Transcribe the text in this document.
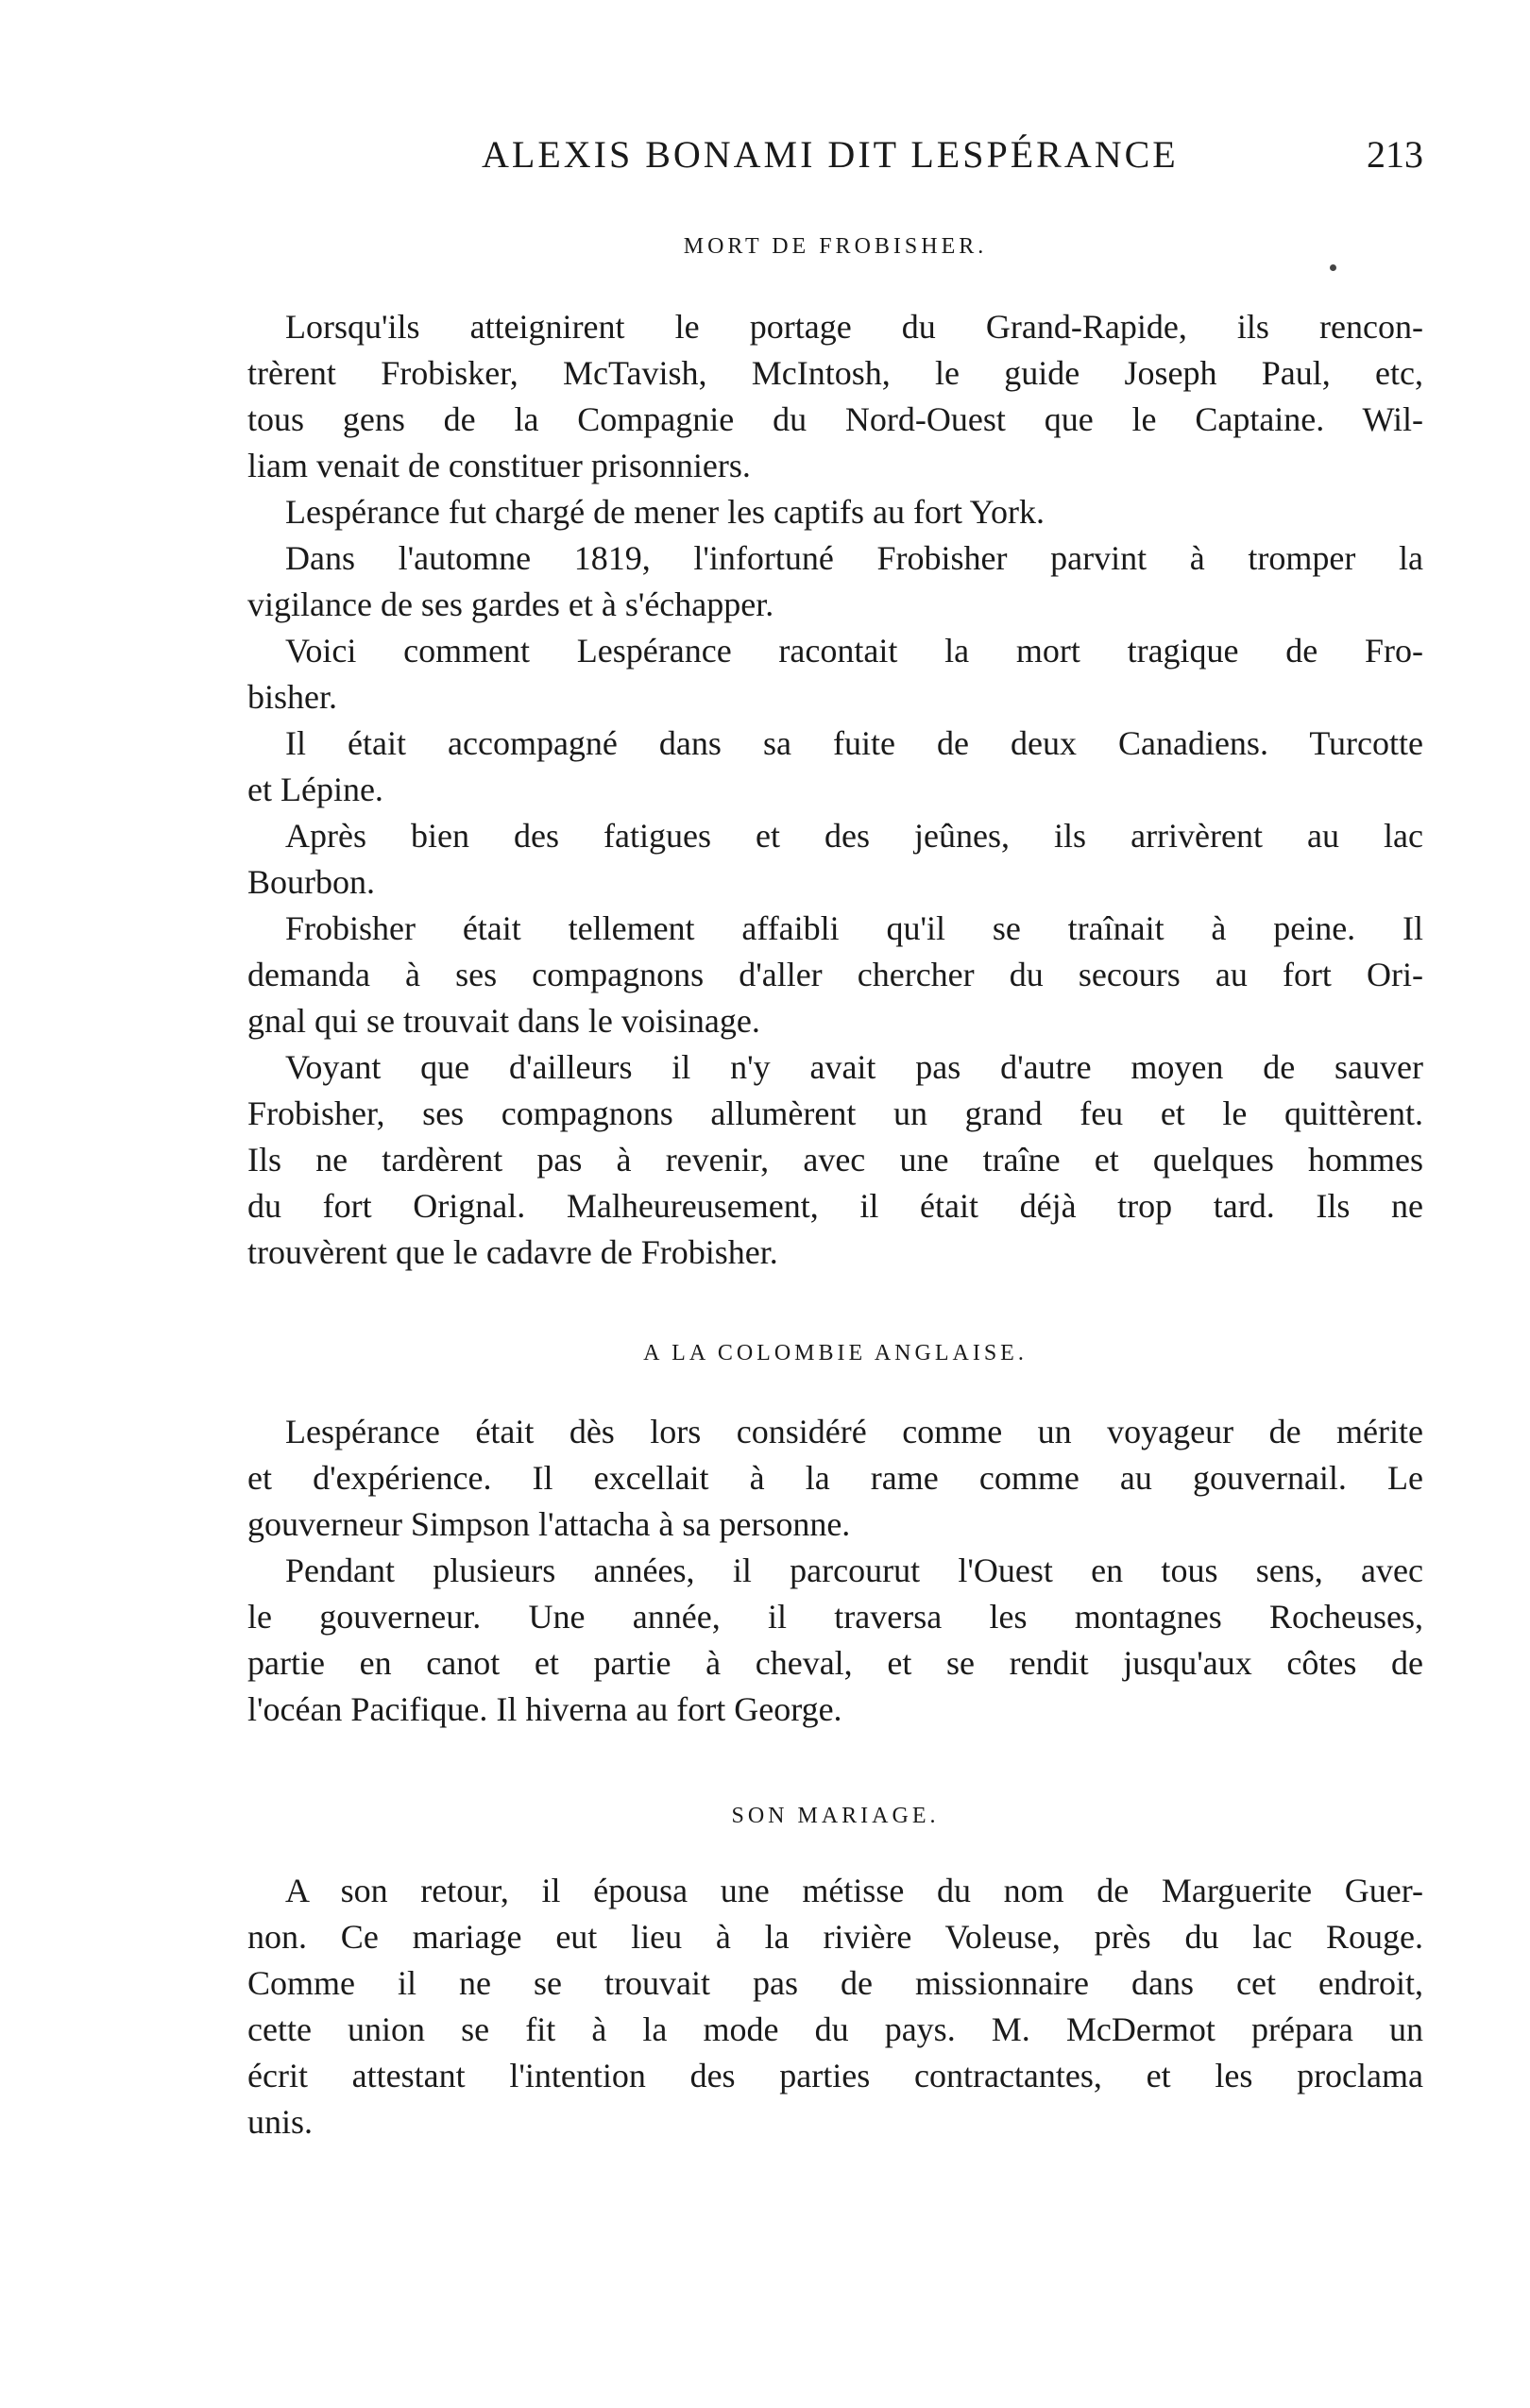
ALEXIS BONAMI DIT LESPÉRANCE	213
MORT DE FROBISHER.
Lorsqu'ils atteignirent le portage du Grand-Rapide, ils rencon-
trèrent Frobisker, McTavish, McIntosh, le guide Joseph Paul, etc,
tous gens de la Compagnie du Nord-Ouest que le Captaine. Wil-
liam venait de constituer prisonniers.
Lespérance fut chargé de mener les captifs au fort York.
Dans l'automne 1819, l'infortuné Frobisher parvint à tromper la
vigilance de ses gardes et à s'échapper.
Voici comment Lespérance racontait la mort tragique de Fro-
bisher.
Il était accompagné dans sa fuite de deux Canadiens. Turcotte
et Lépine.
Après bien des fatigues et des jeûnes, ils arrivèrent au lac
Bourbon.
Frobisher était tellement affaibli qu'il se traînait à peine. Il
demanda à ses compagnons d'aller chercher du secours au fort Ori-
gnal qui se trouvait dans le voisinage.
Voyant que d'ailleurs il n'y avait pas d'autre moyen de sauver
Frobisher, ses compagnons allumèrent un grand feu et le quittèrent.
Ils ne tardèrent pas à revenir, avec une traîne et quelques hommes
du fort Orignal. Malheureusement, il était déjà trop tard. Ils ne
trouvèrent que le cadavre de Frobisher.
A LA COLOMBIE ANGLAISE.
Lespérance était dès lors considéré comme un voyageur de mérite
et d'expérience. Il excellait à la rame comme au gouvernail. Le
gouverneur Simpson l'attacha à sa personne.
Pendant plusieurs années, il parcourut l'Ouest en tous sens, avec
le gouverneur. Une année, il traversa les montagnes Rocheuses,
partie en canot et partie à cheval, et se rendit jusqu'aux côtes de
l'océan Pacifique. Il hiverna au fort George.
SON MARIAGE.
A son retour, il épousa une métisse du nom de Marguerite Guer-
non. Ce mariage eut lieu à la rivière Voleuse, près du lac Rouge.
Comme il ne se trouvait pas de missionnaire dans cet endroit,
cette union se fit à la mode du pays. M. McDermot prépara un
écrit attestant l'intention des parties contractantes, et les proclama
unis.
